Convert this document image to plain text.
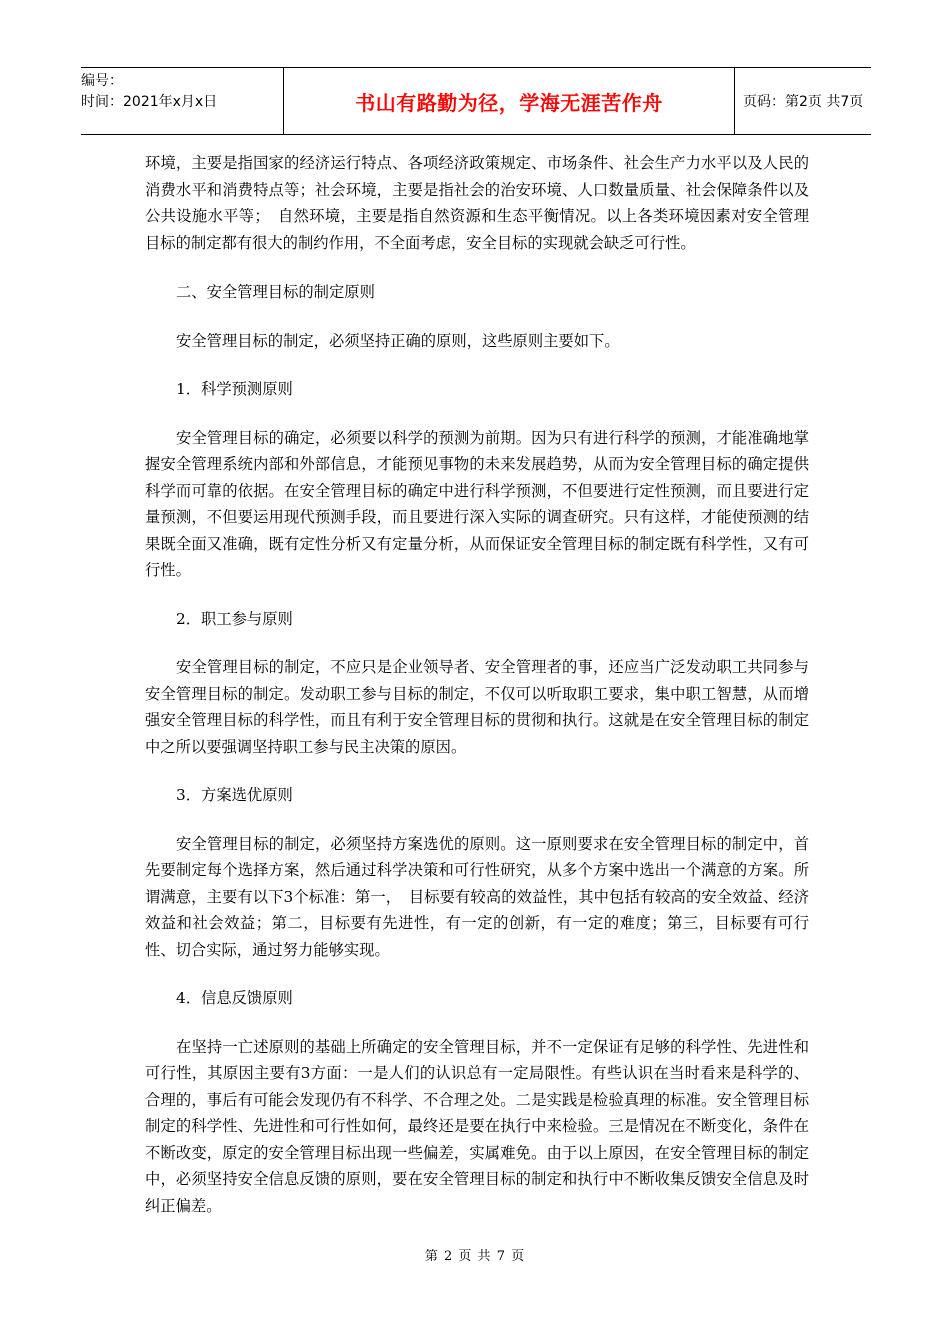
编号：
时间：2021年x月x日	书山有路勤为径，学海无涯苦作舟	页码：第2页 共7页

环境，主要是指国家的经济运行特点、各项经济政策规定、市场条件、社会生产力水平以及人民的消费水平和消费特点等；社会环境，主要是指社会的治安环境、人口数量质量、社会保障条件以及公共设施水平等；　自然环境，主要是指自然资源和生态平衡情况。以上各类环境因素对安全管理目标的制定都有很大的制约作用，不全面考虑，安全目标的实现就会缺乏可行性。

二、安全管理目标的制定原则

安全管理目标的制定，必须坚持正确的原则，这些原则主要如下。

1．科学预测原则

安全管理目标的确定，必须要以科学的预测为前期。因为只有进行科学的预测，才能准确地掌握安全管理系统内部和外部信息，才能预见事物的未来发展趋势，从而为安全管理目标的确定提供科学而可靠的依据。在安全管理目标的确定中进行科学预测，不但要进行定性预测，而且要进行定量预测，不但要运用现代预测手段，而且要进行深入实际的调查研究。只有这样，才能使预测的结果既全面又准确，既有定性分析又有定量分析，从而保证安全管理目标的制定既有科学性，又有可行性。

2．职工参与原则

安全管理目标的制定，不应只是企业领导者、安全管理者的事，还应当广泛发动职工共同参与安全管理目标的制定。发动职工参与目标的制定，不仅可以听取职工要求，集中职工智慧，从而增强安全管理目标的科学性，而且有利于安全管理目标的贯彻和执行。这就是在安全管理目标的制定中之所以要强调坚持职工参与民主决策的原因。

3．方案选优原则

安全管理目标的制定，必须坚持方案选优的原则。这一原则要求在安全管理目标的制定中，首先要制定每个选择方案，然后通过科学决策和可行性研究，从多个方案中选出一个满意的方案。所谓满意，主要有以下3个标准：第一，　目标要有较高的效益性，其中包括有较高的安全效益、经济效益和社会效益；第二，目标要有先进性，有一定的创新，有一定的难度；第三，目标要有可行性、切合实际，通过努力能够实现。

4．信息反馈原则

在坚持一亡述原则的基础上所确定的安全管理目标，并不一定保证有足够的科学性、先进性和可行性，其原因主要有3方面：一是人们的认识总有一定局限性。有些认识在当时看来是科学的、合理的，事后有可能会发现仍有不科学、不合理之处。二是实践是检验真理的标准。安全管理目标制定的科学性、先进性和可行性如何，最终还是要在执行中来检验。三是情况在不断变化，条件在不断改变，原定的安全管理目标出现一些偏差，实属难免。由于以上原因，在安全管理目标的制定中，必须坚持安全信息反馈的原则，要在安全管理目标的制定和执行中不断收集反馈安全信息及时纠正偏差。

第 2 页 共 7 页
